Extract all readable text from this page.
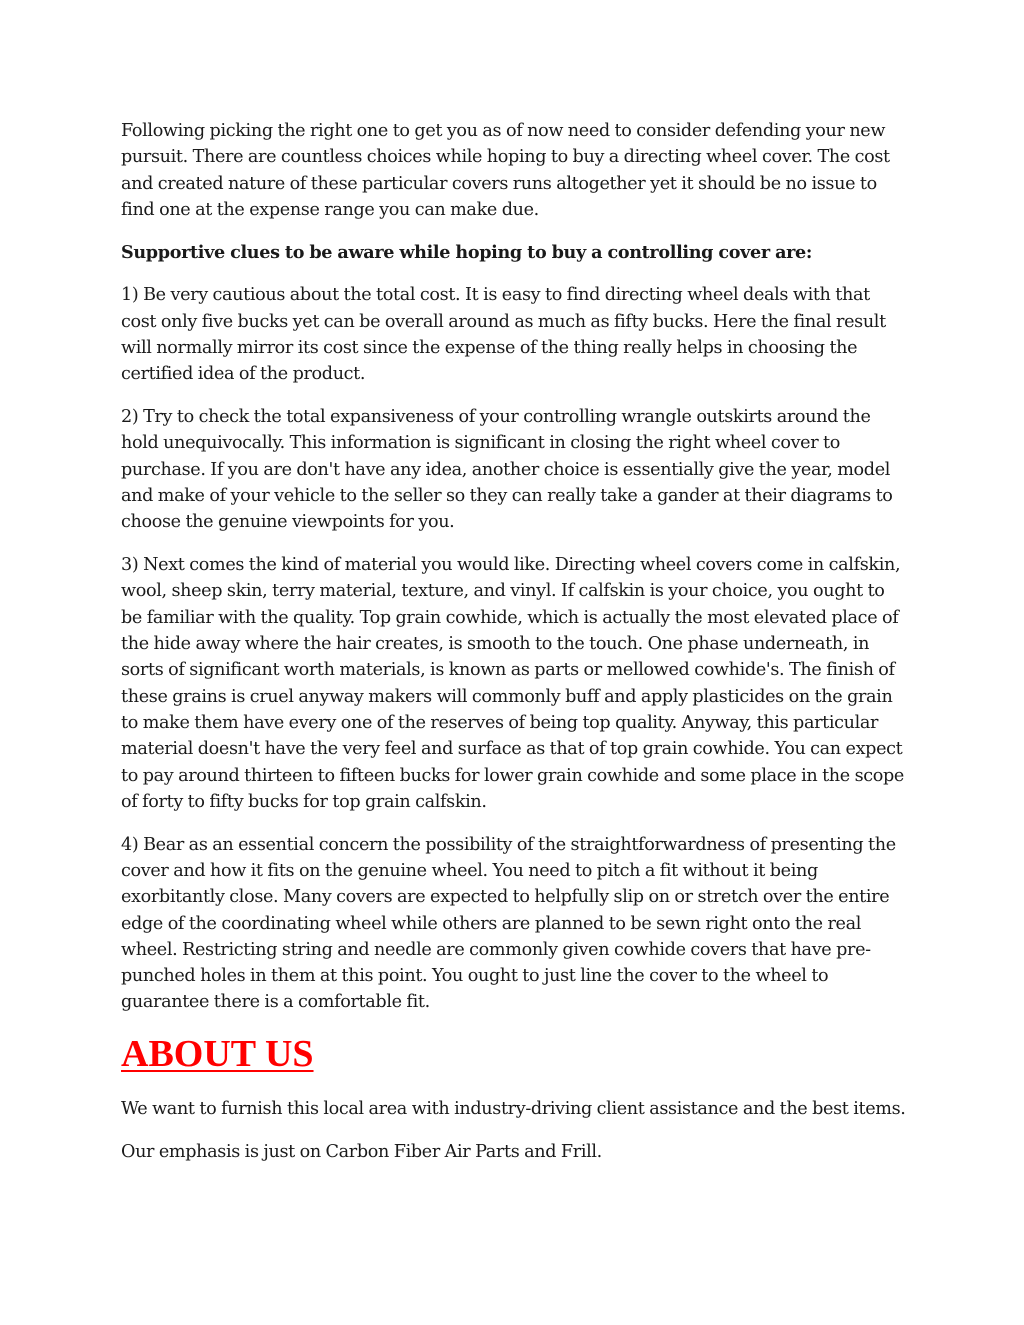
Following picking the right one to get you as of now need to consider defending your new pursuit. There are countless choices while hoping to buy a directing wheel cover. The cost and created nature of these particular covers runs altogether yet it should be no issue to find one at the expense range you can make due.

Supportive clues to be aware while hoping to buy a controlling cover are:

1) Be very cautious about the total cost. It is easy to find directing wheel deals with that cost only five bucks yet can be overall around as much as fifty bucks. Here the final result will normally mirror its cost since the expense of the thing really helps in choosing the certified idea of the product.

2) Try to check the total expansiveness of your controlling wrangle outskirts around the hold unequivocally. This information is significant in closing the right wheel cover to purchase. If you are don't have any idea, another choice is essentially give the year, model and make of your vehicle to the seller so they can really take a gander at their diagrams to choose the genuine viewpoints for you.

3) Next comes the kind of material you would like. Directing wheel covers come in calfskin, wool, sheep skin, terry material, texture, and vinyl. If calfskin is your choice, you ought to be familiar with the quality. Top grain cowhide, which is actually the most elevated place of the hide away where the hair creates, is smooth to the touch. One phase underneath, in sorts of significant worth materials, is known as parts or mellowed cowhide's. The finish of these grains is cruel anyway makers will commonly buff and apply plasticides on the grain to make them have every one of the reserves of being top quality. Anyway, this particular material doesn't have the very feel and surface as that of top grain cowhide. You can expect to pay around thirteen to fifteen bucks for lower grain cowhide and some place in the scope of forty to fifty bucks for top grain calfskin.

4) Bear as an essential concern the possibility of the straightforwardness of presenting the cover and how it fits on the genuine wheel. You need to pitch a fit without it being exorbitantly close. Many covers are expected to helpfully slip on or stretch over the entire edge of the coordinating wheel while others are planned to be sewn right onto the real wheel. Restricting string and needle are commonly given cowhide covers that have pre-punched holes in them at this point. You ought to just line the cover to the wheel to guarantee there is a comfortable fit.

ABOUT US

We want to furnish this local area with industry-driving client assistance and the best items.

Our emphasis is just on Carbon Fiber Air Parts and Frill.
